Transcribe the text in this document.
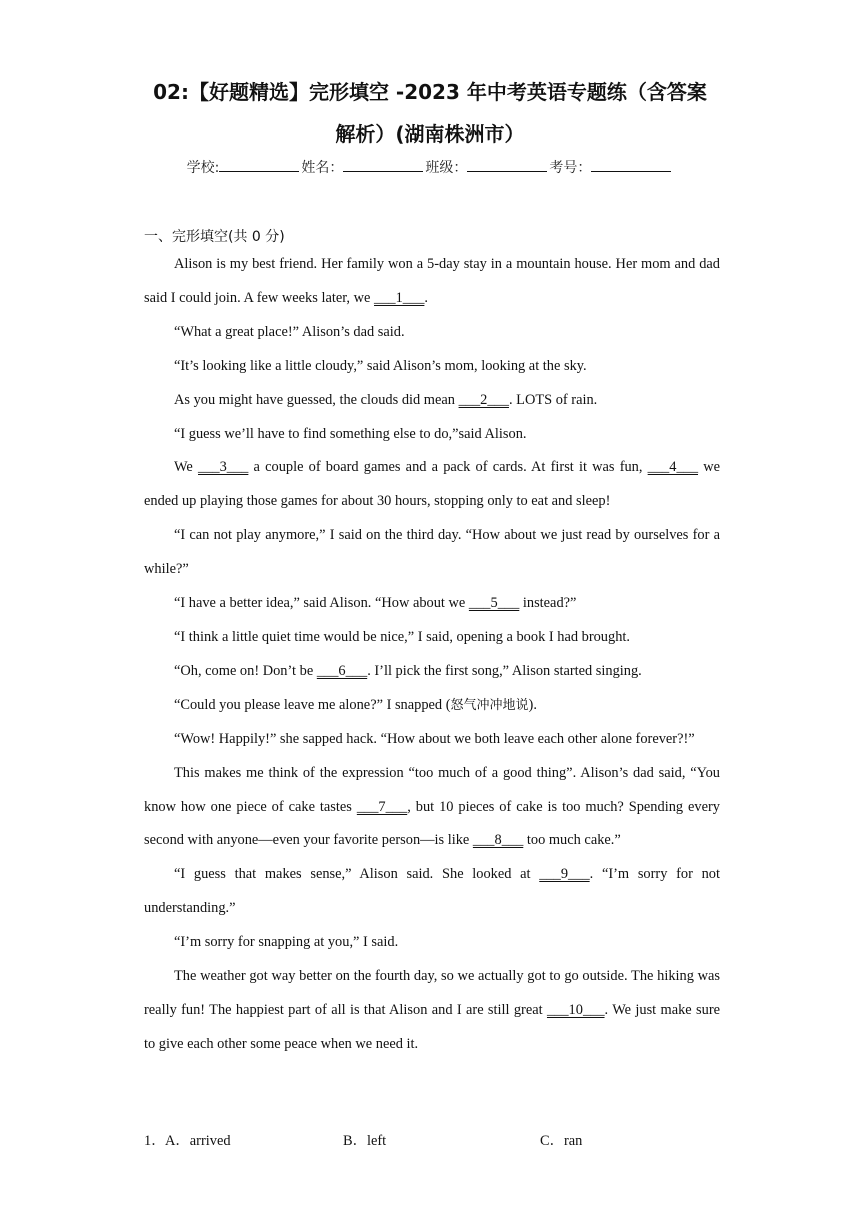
02:【好题精选】完形填空 -2023 年中考英语专题练（含答案
解析）(湖南株洲市）
学校:	姓名：	班级：	考号：
一、完形填空(共 0 分)

Alison is my best friend. Her family won a 5-day stay in a mountain house. Her mom and dad said I could join. A few weeks later, we ___1___.

“What a great place!” Alison’s dad said.

“It’s looking like a little cloudy,” said Alison’s mom, looking at the sky.

As you might have guessed, the clouds did mean ___2___. LOTS of rain.

“I guess we’ll have to find something else to do,”said Alison.

We ___3___ a couple of board games and a pack of cards. At first it was fun, ___4___ we ended up playing those games for about 30 hours, stopping only to eat and sleep!

“I can not play anymore,” I said on the third day. “How about we just read by ourselves for a while?”

“I have a better idea,” said Alison. “How about we ___5___ instead?”

“I think a little quiet time would be nice,” I said, opening a book I had brought.

“Oh, come on! Don’t be ___6___. I’ll pick the first song,” Alison started singing.

“Could you please leave me alone?” I snapped (怒气冲冲地说).

“Wow! Happily!” she sapped hack. “How about we both leave each other alone forever?!”

This makes me think of the expression “too much of a good thing”. Alison’s dad said, “You know how one piece of cake tastes ___7___, but 10 pieces of cake is too much? Spending every second with anyone—even your favorite person—is like ___8___ too much cake.”

“I guess that makes sense,” Alison said. She looked at ___9___. “I’m sorry for not understanding.”

“I’m sorry for snapping at you,” I said.

The weather got way better on the fourth day, so we actually got to go outside. The hiking was really fun! The happiest part of all is that Alison and I are still great ___10___. We just make sure to give each other some peace when we need it.

1． A．arrived	B．left	C．ran
